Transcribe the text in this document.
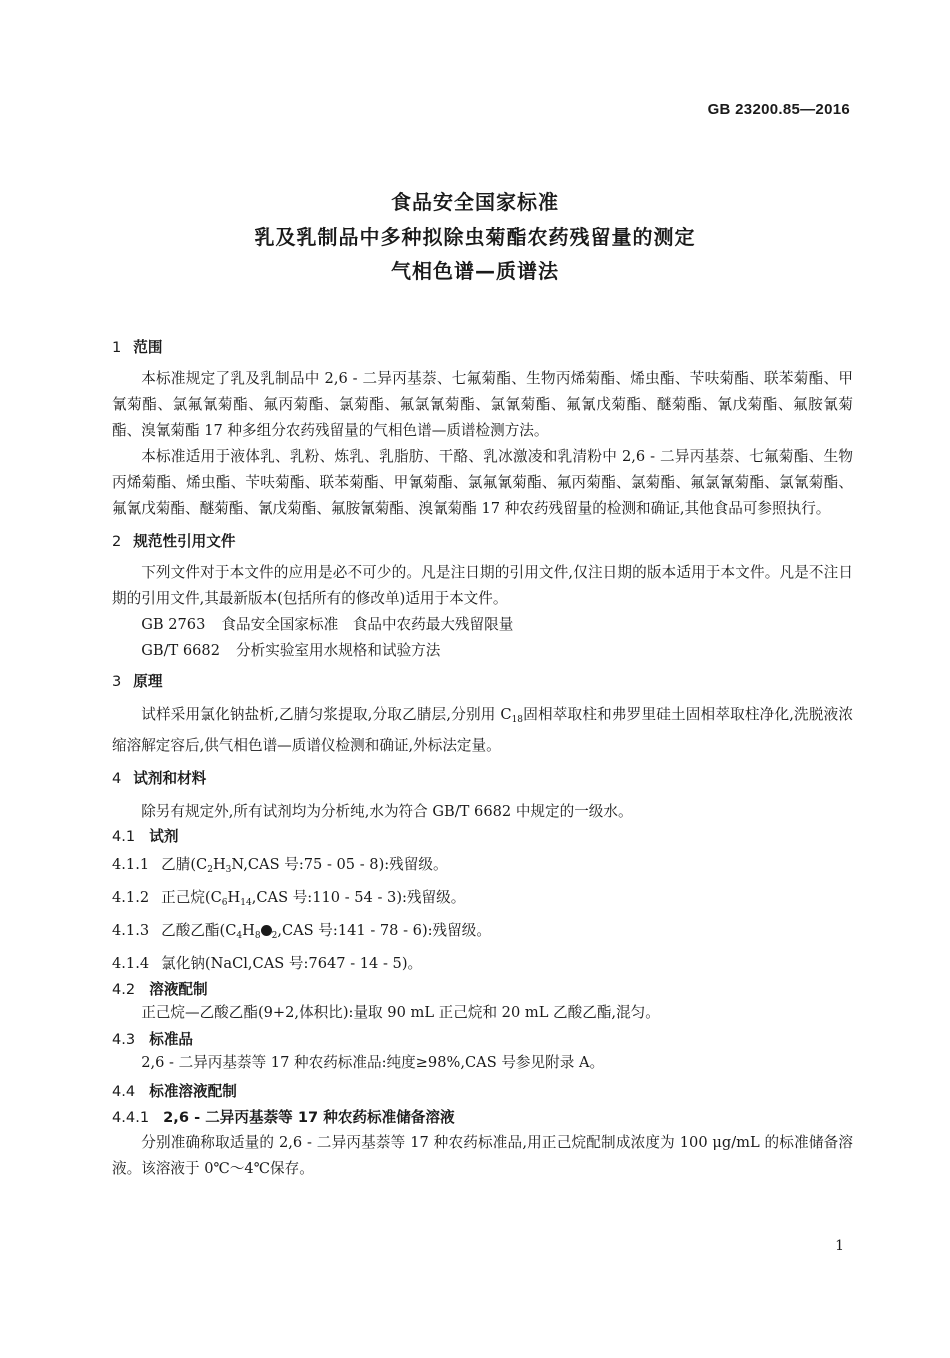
GB 23200.85—2016
食品安全国家标准
乳及乳制品中多种拟除虫菊酯农药残留量的测定
气相色谱—质谱法
1 范围

本标准规定了乳及乳制品中 2,6 - 二异丙基萘、七氟菊酯、生物丙烯菊酯、烯虫酯、苄呋菊酯、联苯菊酯、甲氰菊酯、氯氟氰菊酯、氟丙菊酯、氯菊酯、氟氯氰菊酯、氯氰菊酯、氟氰戊菊酯、醚菊酯、氰戊菊酯、氟胺氰菊酯、溴氰菊酯 17 种多组分农药残留量的气相色谱—质谱检测方法。

本标准适用于液体乳、乳粉、炼乳、乳脂肪、干酪、乳冰激凌和乳清粉中 2,6 - 二异丙基萘、七氟菊酯、生物丙烯菊酯、烯虫酯、苄呋菊酯、联苯菊酯、甲氰菊酯、氯氟氰菊酯、氟丙菊酯、氯菊酯、氟氯氰菊酯、氯氰菊酯、氟氰戊菊酯、醚菊酯、氰戊菊酯、氟胺氰菊酯、溴氰菊酯 17 种农药残留量的检测和确证,其他食品可参照执行。

2 规范性引用文件

下列文件对于本文件的应用是必不可少的。凡是注日期的引用文件,仅注日期的版本适用于本文件。凡是不注日期的引用文件,其最新版本(包括所有的修改单)适用于本文件。

GB 2763 食品安全国家标准　食品中农药最大残留限量

GB/T 6682 分析实验室用水规格和试验方法

3 原理

试样采用氯化钠盐析,乙腈匀浆提取,分取乙腈层,分别用 $C_{18}$固相萃取柱和弗罗里硅土固相萃取柱净化,洗脱液浓缩溶解定容后,供气相色谱—质谱仪检测和确证,外标法定量。

4 试剂和材料

除另有规定外,所有试剂均为分析纯,水为符合 GB/T 6682 中规定的一级水。

4.1 试剂

4.1.1 乙腈($C_2H_3N,CAS$ 号:75 - 05 - 8):残留级。

4.1.2 正己烷($C_6H_{14},CAS$ 号:110 - 54 - 3):残留级。

4.1.3 乙酸乙酯($C_4H_8$ $_2$,CAS 号:141 - 78 - 6):残留级。

4.1.4 氯化钠(NaCl,CAS 号:7647 - 14 - 5)。

4.2 溶液配制

正己烷—乙酸乙酯(9+2,体积比):量取 90 mL 正己烷和 20 mL 乙酸乙酯,混匀。

4.3 标准品

2,6 - 二异丙基萘等 17 种农药标准品:纯度≥98%,CAS 号参见附录 A。

4.4 标准溶液配制
4.4.1 2,6 - 二异丙基萘等 17 种农药标准储备溶液

分别准确称取适量的 2,6 - 二异丙基萘等 17 种农药标准品,用正己烷配制成浓度为 100 μg/mL 的标准储备溶液。该溶液于 0℃～4℃保存。

1
